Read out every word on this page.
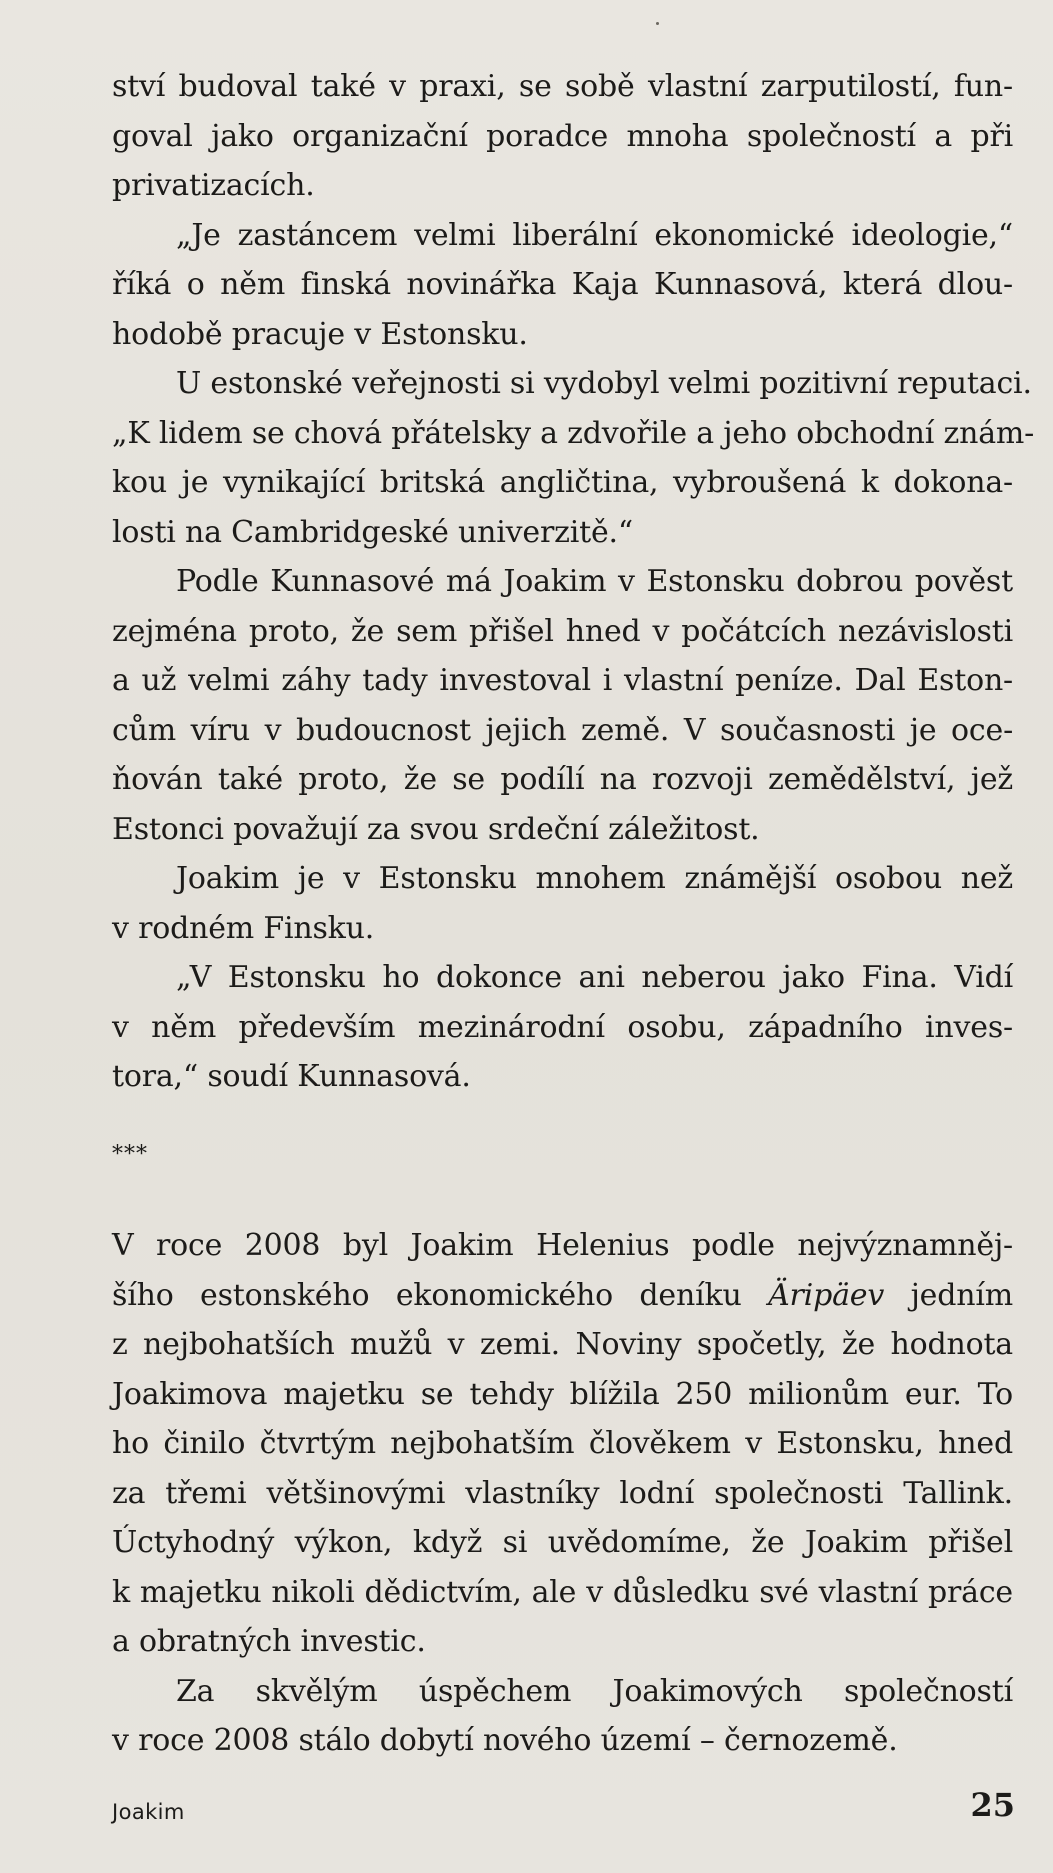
ství budoval také v praxi, se sobě vlastní zarputilostí, fun-
goval jako organizační poradce mnoha společností a při
privatizacích.
„Je zastáncem velmi liberální ekonomické ideologie,“
říká o něm finská novinářka Kaja Kunnasová, která dlou-
hodobě pracuje v Estonsku.
U estonské veřejnosti si vydobyl velmi pozitivní reputaci.
„K lidem se chová přátelsky a zdvořile a jeho obchodní znám-
kou je vynikající britská angličtina, vybroušená k dokona-
losti na Cambridgeské univerzitě.“
Podle Kunnasové má Joakim v Estonsku dobrou pověst
zejména proto, že sem přišel hned v počátcích nezávislosti
a už velmi záhy tady investoval i vlastní peníze. Dal Eston-
cům víru v budoucnost jejich země. V současnosti je oce-
ňován také proto, že se podílí na rozvoji zemědělství, jež
Estonci považují za svou srdeční záležitost.
Joakim je v Estonsku mnohem známější osobou než
v rodném Finsku.
„V Estonsku ho dokonce ani neberou jako Fina. Vidí
v něm především mezinárodní osobu, západního inves-
tora,“ soudí Kunnasová.
***
V roce 2008 byl Joakim Helenius podle nejvýznamněj-
šího estonského ekonomického deníku Äripäev jedním
z nejbohatších mužů v zemi. Noviny spočetly, že hodnota
Joakimova majetku se tehdy blížila 250 milionům eur. To
ho činilo čtvrtým nejbohatším člověkem v Estonsku, hned
za třemi většinovými vlastníky lodní společnosti Tallink.
Úctyhodný výkon, když si uvědomíme, že Joakim přišel
k majetku nikoli dědictvím, ale v důsledku své vlastní práce
a obratných investic.
Za skvělým úspěchem Joakimových společností
v roce 2008 stálo dobytí nového území – černozemě.
Joakim	25
